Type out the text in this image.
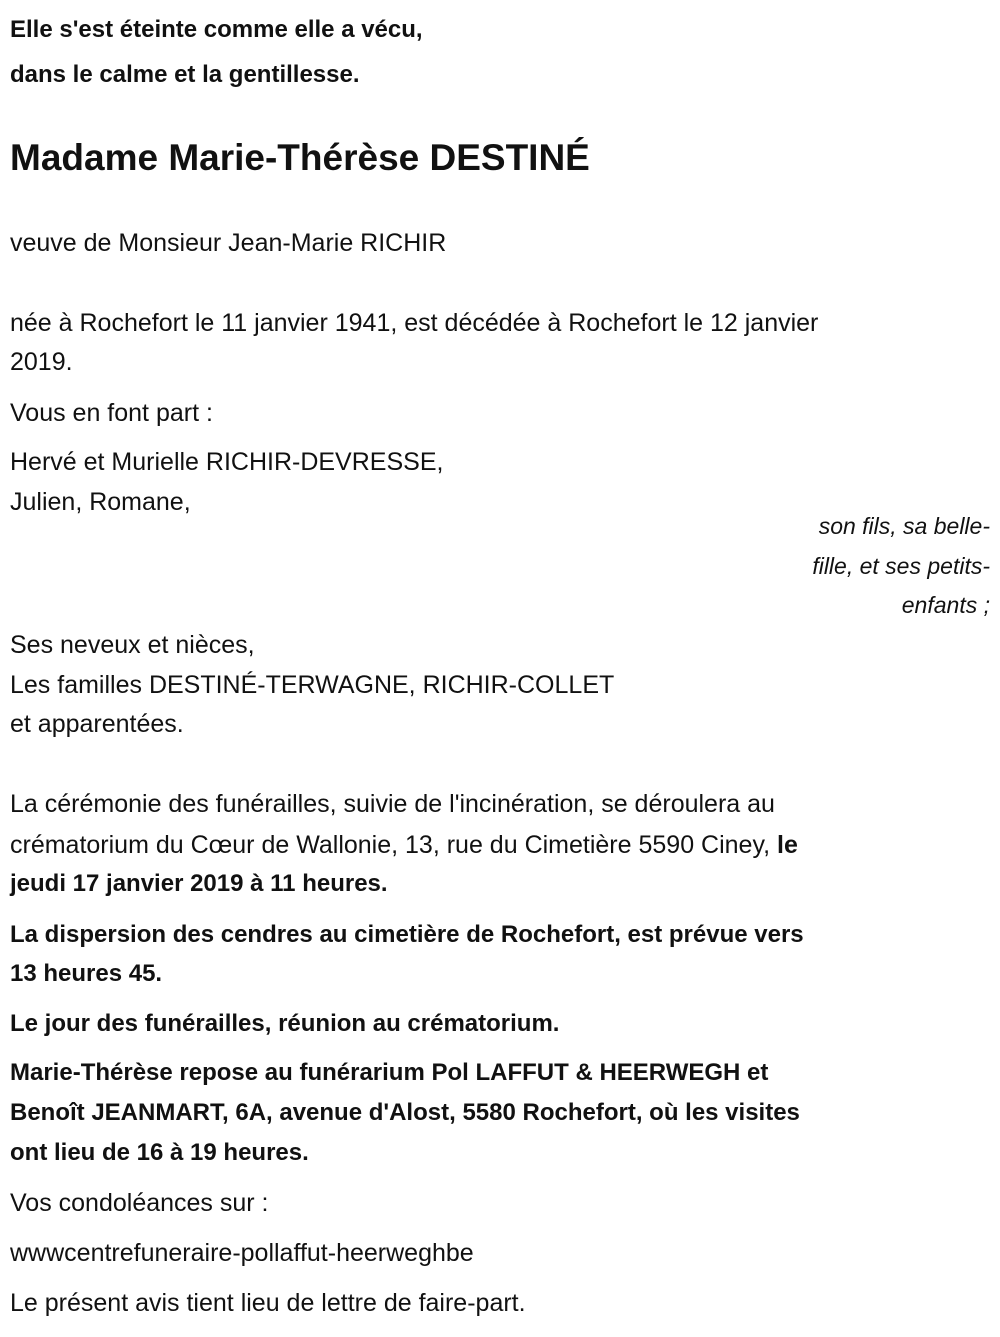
Elle s'est éteinte comme elle a vécu,
dans le calme et la gentillesse.
Madame Marie-Thérèse DESTINÉ
veuve de Monsieur Jean-Marie RICHIR
née à Rochefort le 11 janvier 1941, est décédée à Rochefort le 12 janvier
2019.
Vous en font part :
Hervé et Murielle RICHIR-DEVRESSE,
Julien, Romane,
son fils, sa belle-
fille, et ses petits-
enfants ;
Ses neveux et nièces,
Les familles DESTINÉ-TERWAGNE, RICHIR-COLLET
et apparentées.
La cérémonie des funérailles, suivie de l'incinération, se déroulera au
crématorium du Cœur de Wallonie, 13, rue du Cimetière 5590 Ciney, le
jeudi 17 janvier 2019 à 11 heures.
La dispersion des cendres au cimetière de Rochefort, est prévue vers
13 heures 45.
Le jour des funérailles, réunion au crématorium.
Marie-Thérèse repose au funérarium Pol LAFFUT & HEERWEGH et
Benoît JEANMART, 6A, avenue d'Alost, 5580 Rochefort, où les visites
ont lieu de 16 à 19 heures.
Vos condoléances sur :
wwwcentrefuneraire-pollaffut-heerweghbe
Le présent avis tient lieu de lettre de faire-part.
